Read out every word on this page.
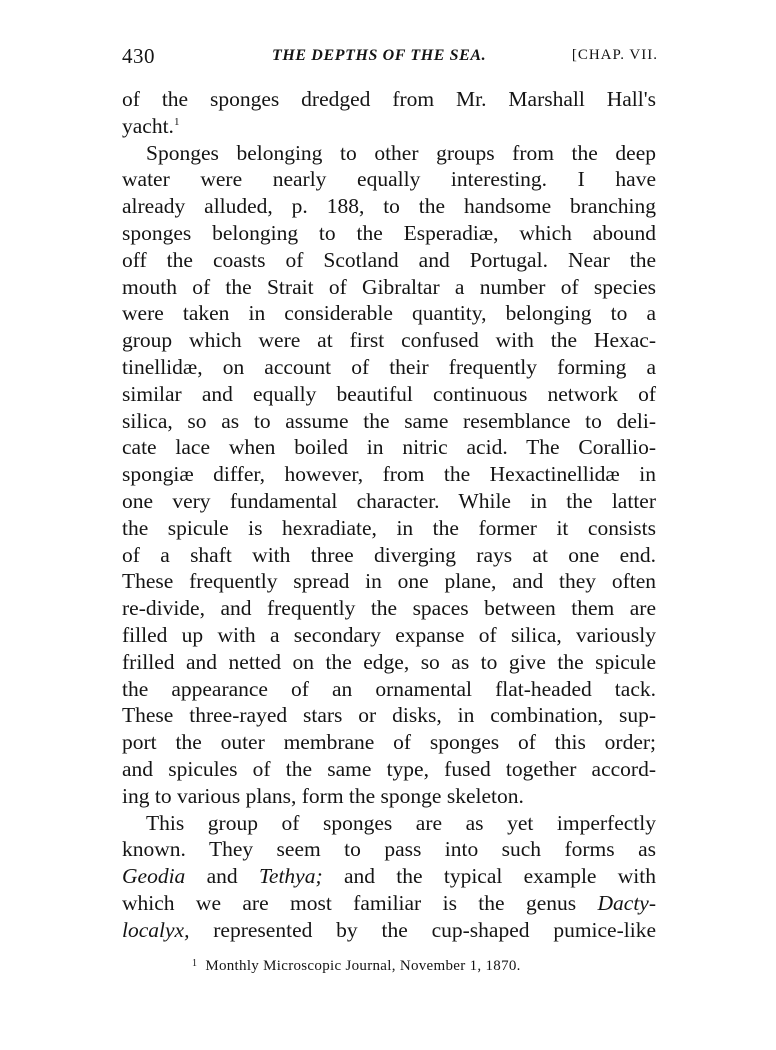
430	THE DEPTHS OF THE SEA.	[CHAP. VII.
of the sponges dredged from Mr. Marshall Hall's
yacht.$^1$
Sponges belonging to other groups from the deep
water were nearly equally interesting. I have
already alluded, p. 188, to the handsome branching
sponges belonging to the Esperadiæ, which abound
off the coasts of Scotland and Portugal. Near the
mouth of the Strait of Gibraltar a number of species
were taken in considerable quantity, belonging to a
group which were at first confused with the Hexac-
tinellidæ, on account of their frequently forming a
similar and equally beautiful continuous network of
silica, so as to assume the same resemblance to deli-
cate lace when boiled in nitric acid. The Corallio-
spongiæ differ, however, from the Hexactinellidæ in
one very fundamental character. While in the latter
the spicule is hexradiate, in the former it consists
of a shaft with three diverging rays at one end.
These frequently spread in one plane, and they often
re-divide, and frequently the spaces between them are
filled up with a secondary expanse of silica, variously
frilled and netted on the edge, so as to give the spicule
the appearance of an ornamental flat-headed tack.
These three-rayed stars or disks, in combination, sup-
port the outer membrane of sponges of this order;
and spicules of the same type, fused together accord-
ing to various plans, form the sponge skeleton.
This group of sponges are as yet imperfectly
known. They seem to pass into such forms as
Geodia and Tethya; and the typical example with
which we are most familiar is the genus Dacty-
localyx, represented by the cup-shaped pumice-like
$^1$ Monthly Microscopic Journal, November 1, 1870.
